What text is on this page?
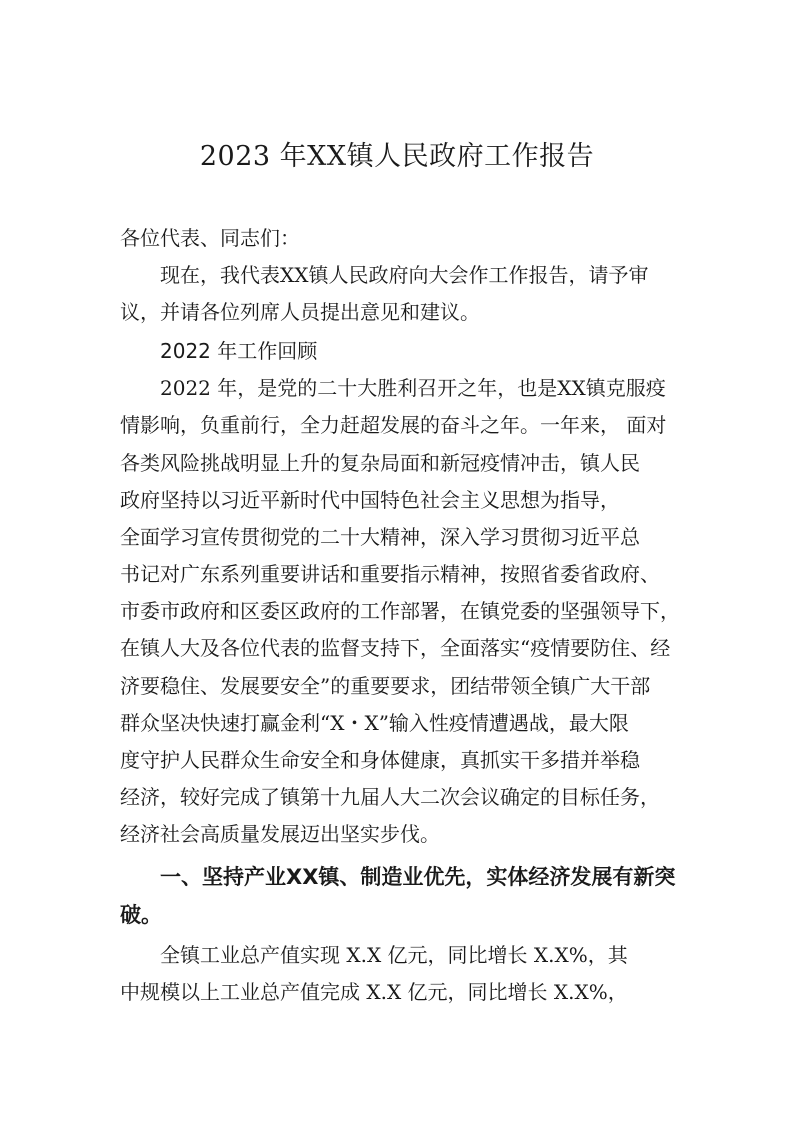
2023 年XX镇人民政府工作报告
各位代表、同志们：
现在，我代表XX镇人民政府向大会作工作报告，请予审
议，并请各位列席人员提出意见和建议。
2022 年工作回顾
2022 年，是党的二十大胜利召开之年，也是XX镇克服疫
情影响，负重前行，全力赶超发展的奋斗之年。一年来， 面对
各类风险挑战明显上升的复杂局面和新冠疫情冲击，镇人民
政府坚持以习近平新时代中国特色社会主义思想为指导，
全面学习宣传贯彻党的二十大精神，深入学习贯彻习近平总
书记对广东系列重要讲话和重要指示精神，按照省委省政府、
市委市政府和区委区政府的工作部署，在镇党委的坚强领导下，
在镇人大及各位代表的监督支持下，全面落实“疫情要防住、经
济要稳住、发展要安全”的重要要求，团结带领全镇广大干部
群众坚决快速打赢金利“X・X”输入性疫情遭遇战，最大限
度守护人民群众生命安全和身体健康，真抓实干多措并举稳
经济，较好完成了镇第十九届人大二次会议确定的目标任务，
经济社会高质量发展迈出坚实步伐。
一、坚持产业XX镇、制造业优先，实体经济发展有新突
破。
全镇工业总产值实现 X.X 亿元，同比增长 X.X%，其
中规模以上工业总产值完成 X.X 亿元，同比增长 X.X%，
